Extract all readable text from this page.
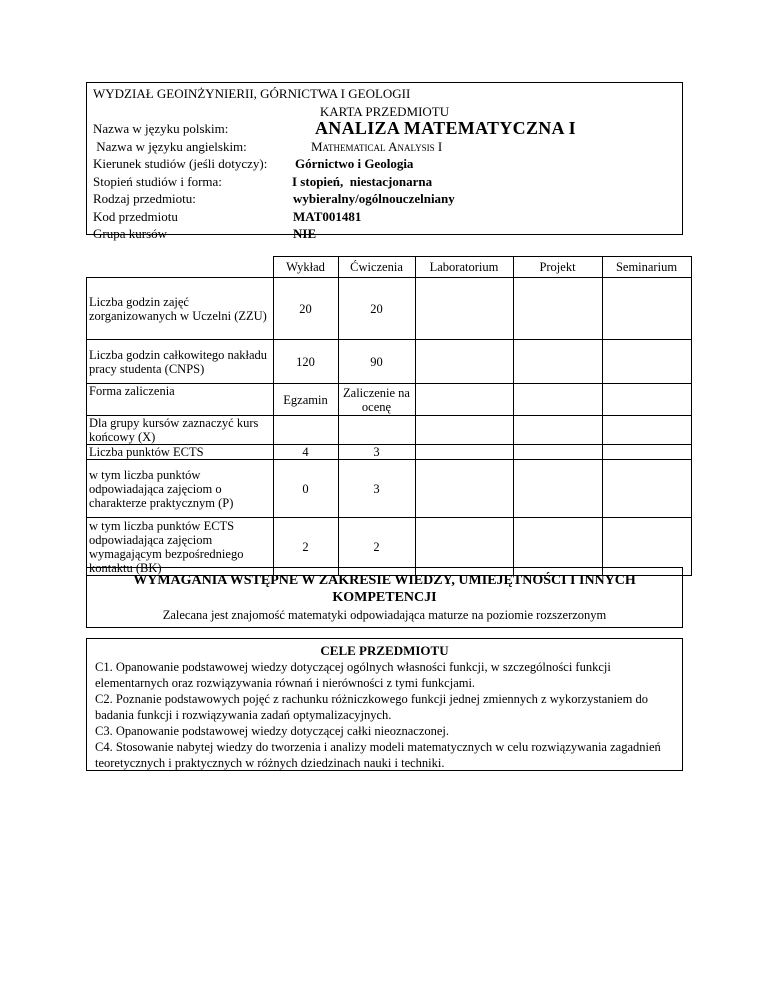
WYDZIAŁ GEOINŻYNIERII, GÓRNICTWA I GEOLOGII
KARTA PRZEDMIOTU
Nazwa w języku polskim:	ANALIZA MATEMATYCZNA I
Nazwa w języku angielskim:	Mathematical Analysis I
Kierunek studiów (jeśli dotyczy): Górnictwo i Geologia
Stopień studiów i forma:	I stopień,  niestacjonarna
Rodzaj przedmiotu:	wybieralny/ogólnouczelniany
Kod przedmiotu	MAT001481
Grupa kursów	NIE
	Wykład	Ćwiczenia	Laboratorium	Projekt	Seminarium
Liczba godzin zajęć zorganizowanych w Uczelni (ZZU)	20	20			
Liczba godzin całkowitego nakładu pracy studenta (CNPS)	120	90			
Forma zaliczenia	Egzamin	Zaliczenie na ocenę			
Dla grupy kursów zaznaczyć kurs końcowy (X)					
Liczba punktów ECTS	4	3			
w tym liczba punktów odpowiadająca zajęciom o charakterze praktycznym (P)	0	3			
w tym liczba punktów ECTS odpowiadająca zajęciom wymagającym bezpośredniego kontaktu (BK)	2	2			
WYMAGANIA WSTĘPNE W ZAKRESIE WIEDZY, UMIEJĘTNOŚCI I INNYCH KOMPETENCJI
Zalecana jest znajomość matematyki odpowiadająca maturze na poziomie rozszerzonym
CELE PRZEDMIOTU
C1. Opanowanie podstawowej wiedzy dotyczącej ogólnych własności funkcji, w szczególności funkcji elementarnych oraz rozwiązywania równań i nierówności z tymi funkcjami.
C2. Poznanie podstawowych pojęć z rachunku różniczkowego funkcji jednej zmiennych z wykorzystaniem do badania funkcji i rozwiązywania zadań optymalizacyjnych.
C3. Opanowanie podstawowej wiedzy dotyczącej całki nieoznaczonej.
C4. Stosowanie nabytej wiedzy do tworzenia i analizy modeli matematycznych w celu rozwiązywania zagadnień teoretycznych i praktycznych w różnych dziedzinach nauki i techniki.
